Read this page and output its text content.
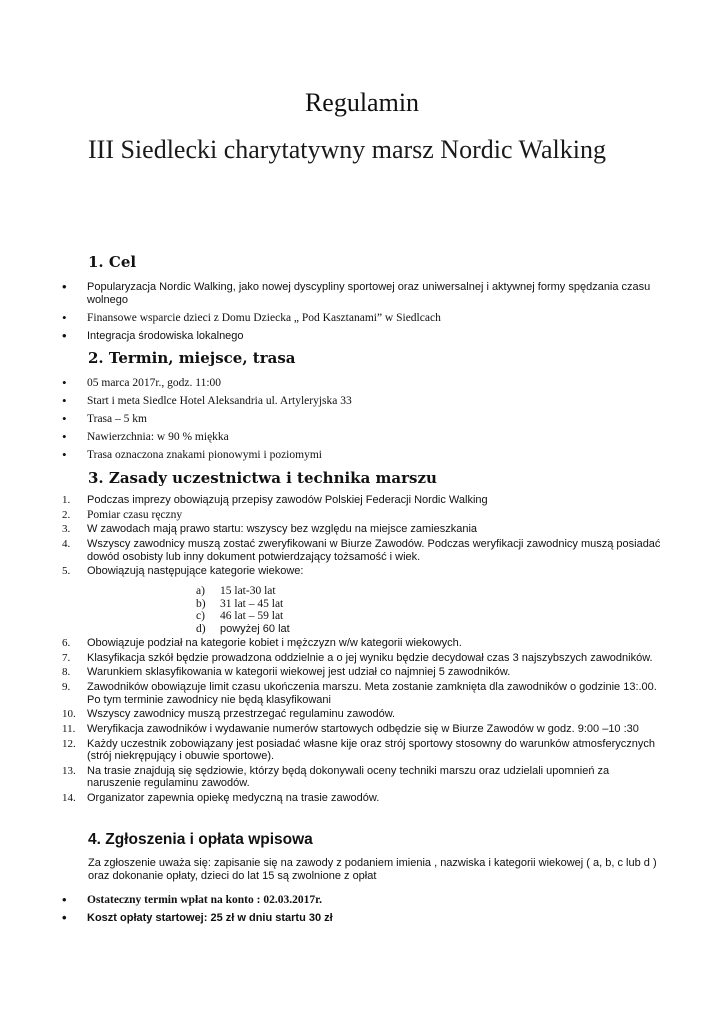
Regulamin
III Siedlecki charytatywny marsz Nordic Walking
1. Cel
• Popularyzacja Nordic Walking, jako nowej dyscypliny sportowej oraz uniwersalnej i aktywnej formy spędzania czasu wolnego
• Finansowe wsparcie dzieci z Domu Dziecka „ Pod Kasztanami” w Siedlcach
• Integracja środowiska lokalnego
2. Termin, miejsce, trasa
• 05 marca 2017r., godz. 11:00
• Start i meta Siedlce Hotel Aleksandria ul. Artyleryjska 33
• Trasa – 5 km
• Nawierzchnia: w 90 % miękka
• Trasa oznaczona znakami pionowymi i poziomymi
3. Zasady uczestnictwa i technika marszu
1. Podczas imprezy obowiązują przepisy zawodów Polskiej Federacji Nordic Walking
2. Pomiar czasu ręczny
3. W zawodach mają prawo startu: wszyscy bez względu na miejsce zamieszkania
4. Wszyscy zawodnicy muszą zostać zweryfikowani w Biurze Zawodów. Podczas weryfikacji zawodnicy muszą posiadać dowód osobisty lub inny dokument potwierdzający tożsamość i wiek.
5. Obowiązują następujące kategorie wiekowe:
a) 15 lat-30 lat
b) 31 lat – 45 lat
c) 46 lat – 59 lat
d) powyżej 60 lat
6. Obowiązuje podział na kategorie kobiet i mężczyzn w/w kategorii wiekowych.
7. Klasyfikacja szkół będzie prowadzona oddzielnie a o jej wyniku będzie decydował czas 3 najszybszych zawodników.
8. Warunkiem sklasyfikowania w kategorii wiekowej jest udział co najmniej 5 zawodników.
9. Zawodników obowiązuje limit czasu ukończenia marszu. Meta zostanie zamknięta dla zawodników o godzinie 13:.00. Po tym terminie zawodnicy nie będą klasyfikowani
10. Wszyscy zawodnicy muszą przestrzegać regulaminu zawodów.
11. Weryfikacja zawodników i wydawanie numerów startowych odbędzie się w Biurze Zawodów w godz. 9:00 –10 :30
12. Każdy uczestnik zobowiązany jest posiadać własne kije oraz strój sportowy stosowny do warunków atmosferycznych (strój niekrępujący i obuwie sportowe).
13. Na trasie znajdują się sędziowie, którzy będą dokonywali oceny techniki marszu oraz udzielali upomnień za naruszenie regulaminu zawodów.
14. Organizator zapewnia opiekę medyczną na trasie zawodów.
4. Zgłoszenia i opłata wpisowa
Za zgłoszenie uważa się: zapisanie się na zawody z podaniem imienia , nazwiska i kategorii wiekowej ( a, b, c lub d ) oraz dokonanie opłaty, dzieci do lat 15 są zwolnione z opłat
• Ostateczny termin wpłat na konto : 02.03.2017r.
• Koszt opłaty startowej: 25 zł w dniu startu 30 zł
